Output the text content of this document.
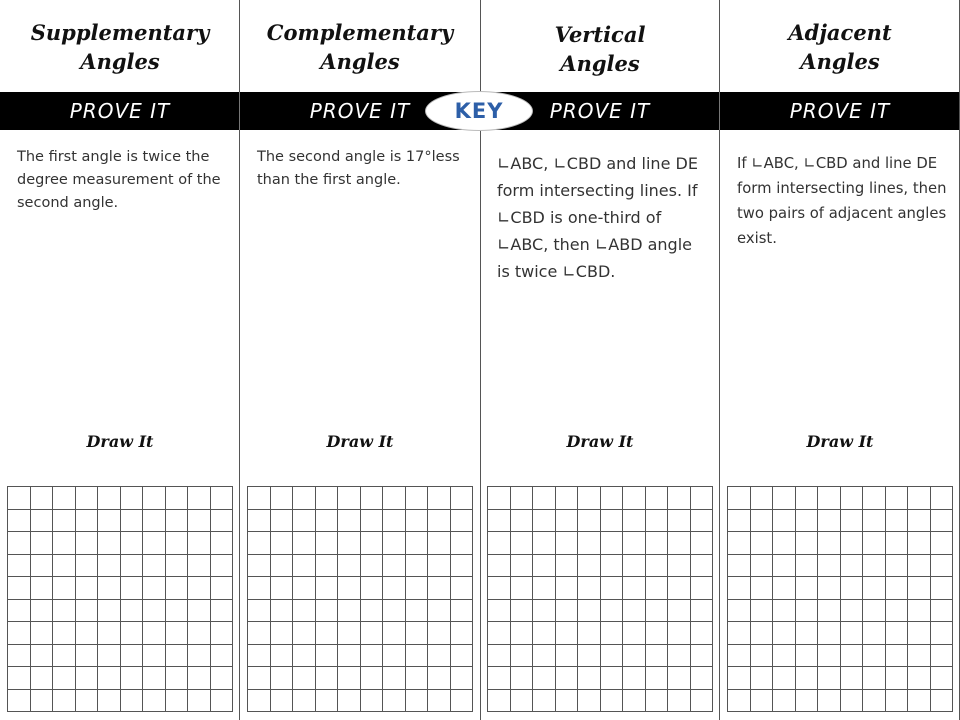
Supplementary
Angles
The first angle is twice the degree measurement of the second angle.
Draw It
Complementary
Angles
The second angle is 17°less than the first angle.
Draw It
Vertical
Angles
∟ABC, ∟CBD and line DE form intersecting lines. If ∟CBD is one-third of ∟ABC, then ∟ABD angle is twice ∟CBD.
Draw It
Adjacent
Angles
If ∟ABC, ∟CBD and line DE form intersecting lines, then two pairs of adjacent angles exist.
Draw It
PROVE IT	PROVE IT	PROVE IT	PROVE IT
KEY
